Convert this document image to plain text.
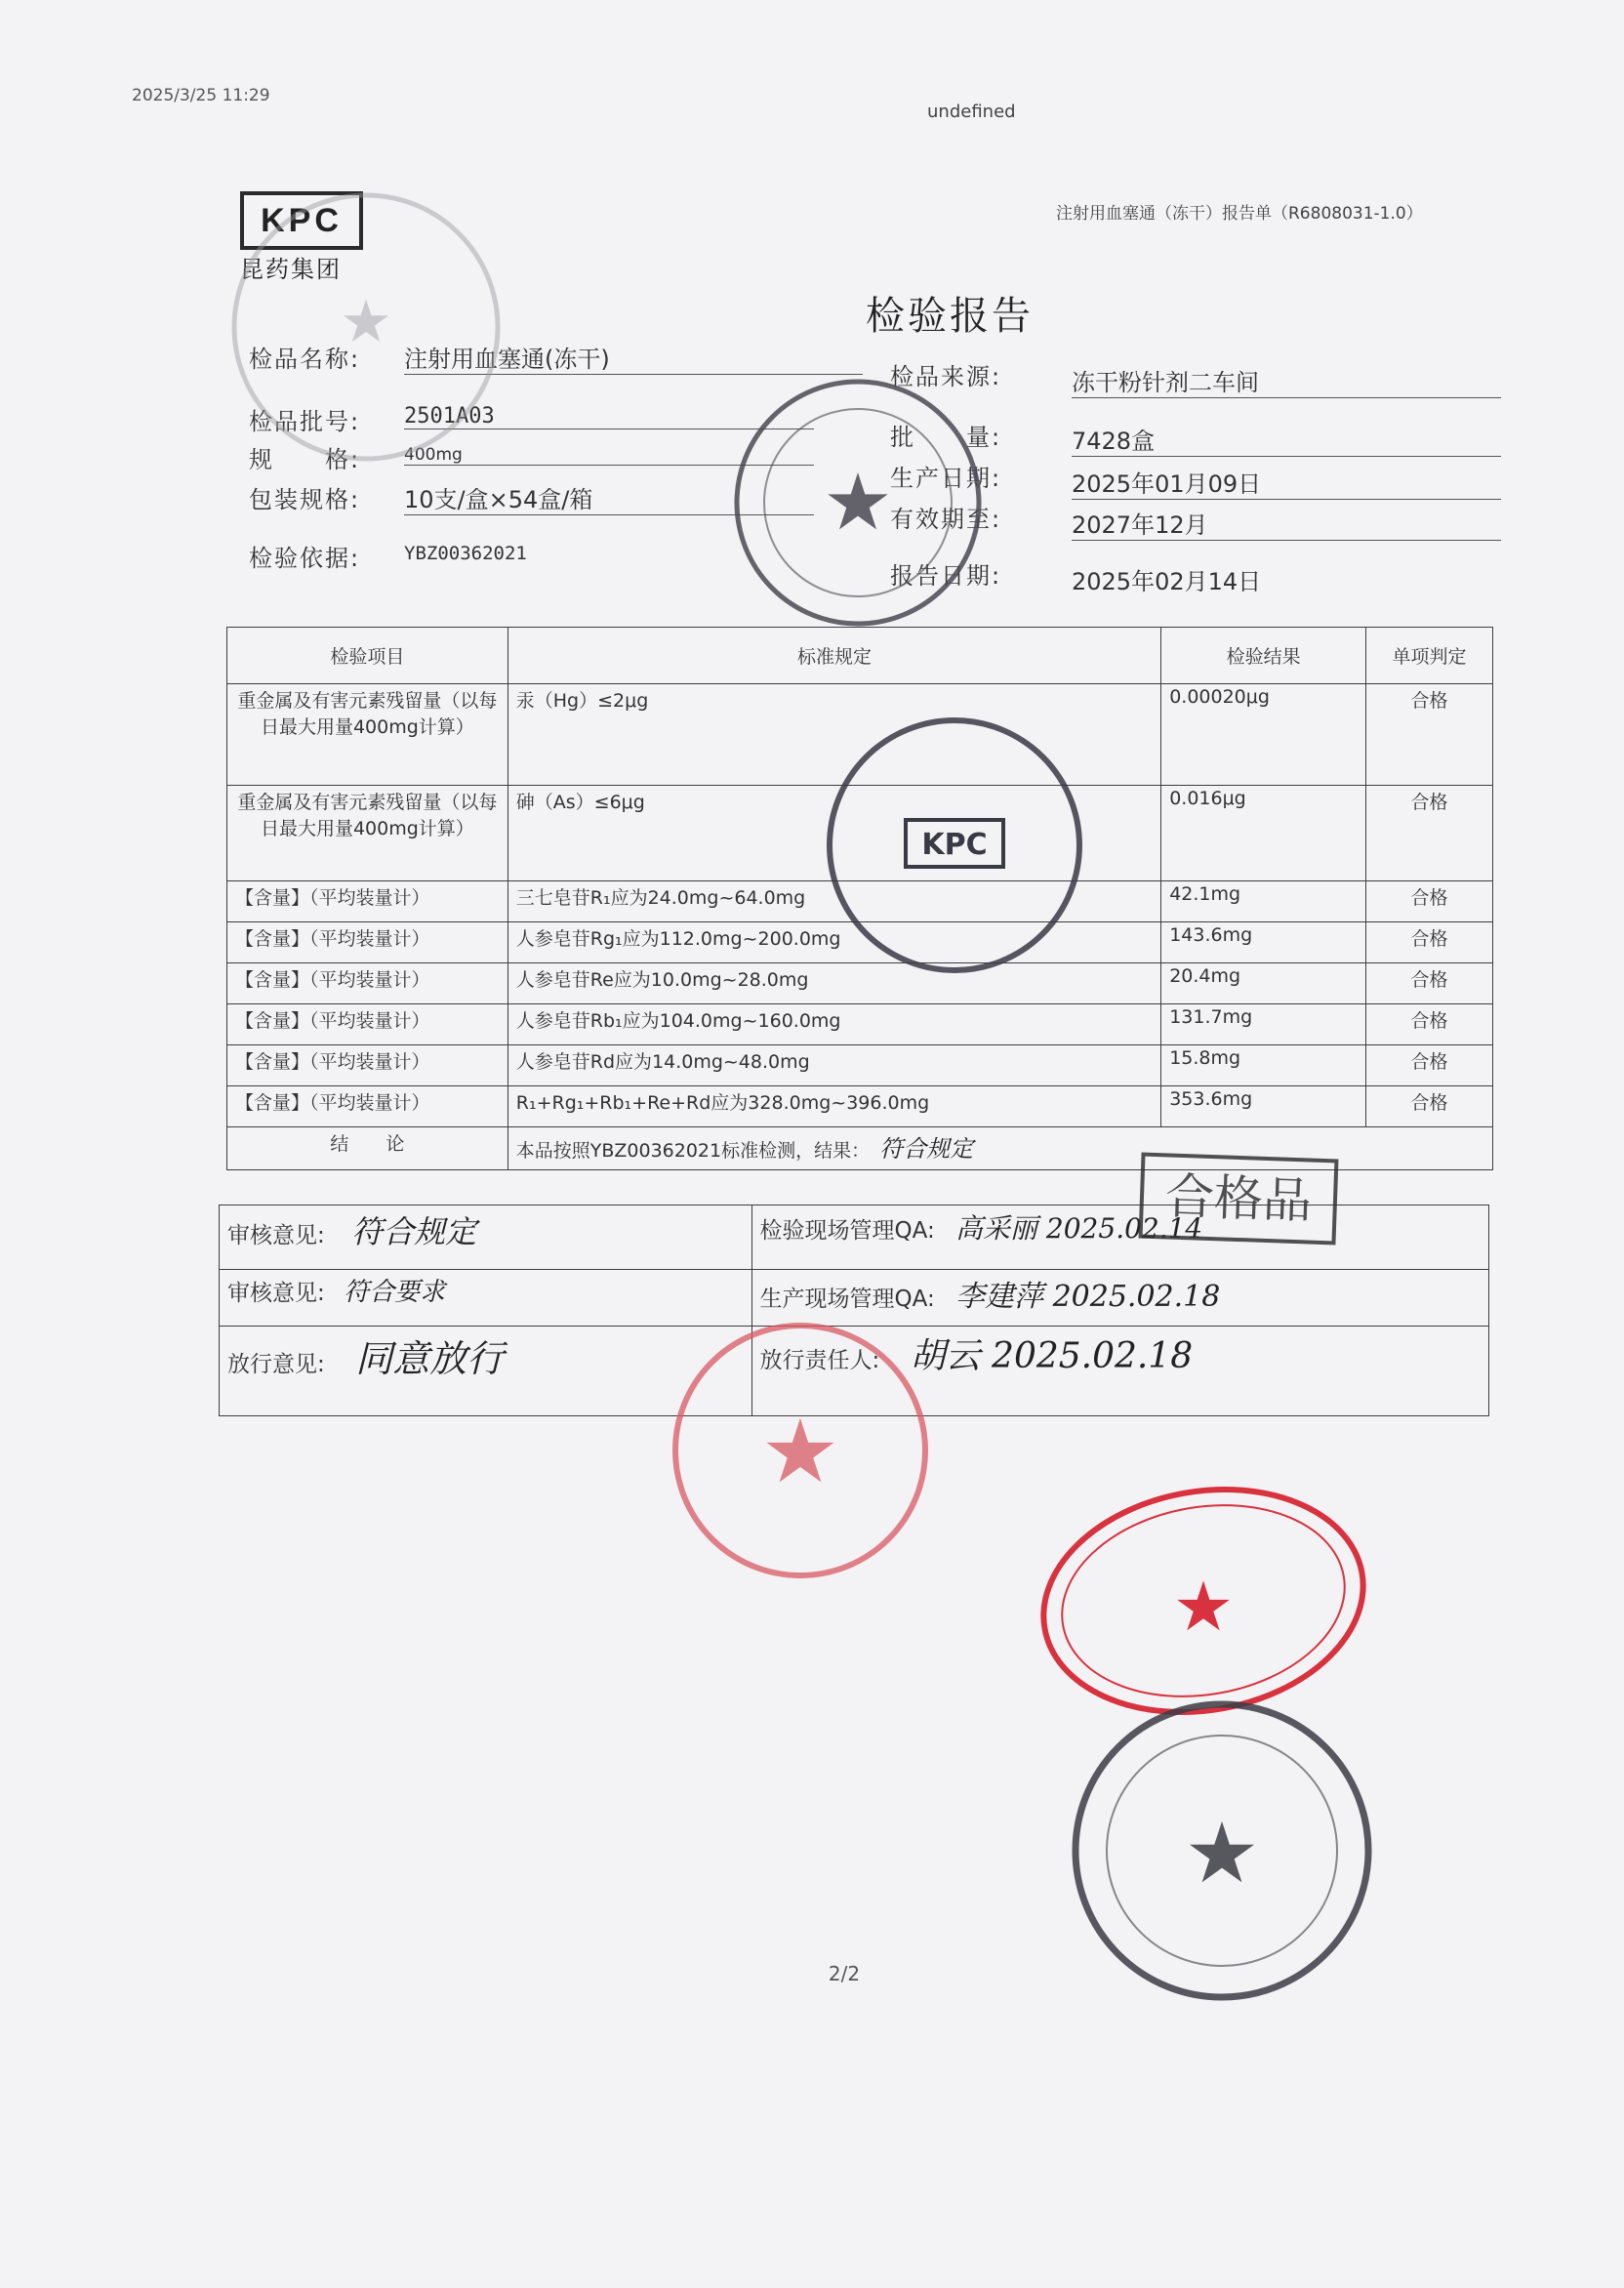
2025/3/25 11:29
undefined
注射用血塞通（冻干）报告单（R6808031-1.0）
KPC
昆药集团
检验报告
检品名称: 注射用血塞通(冻干)
检品批号: 2501A03
规　　格:	400mg
包装规格: 10支/盒×54盒/箱
检验依据: YBZ00362021
检品来源:	冻干粉针剂二车间
批　　量:	7428盒
生产日期:	2025年01月09日
有效期至:	2027年12月
报告日期:	2025年02月14日
检验项目	标准规定	检验结果	单项判定
重金属及有害元素残留量（以每日最大用量400mg计算）	汞（Hg）≤2μg	0.00020μg	合格
重金属及有害元素残留量（以每日最大用量400mg计算）	砷（As）≤6μg	0.016μg	合格
【含量】（平均装量计）	三七皂苷R₁应为24.0mg~64.0mg	42.1mg	合格
【含量】（平均装量计）	人参皂苷Rg₁应为112.0mg~200.0mg	143.6mg	合格
【含量】（平均装量计）	人参皂苷Re应为10.0mg~28.0mg	20.4mg	合格
【含量】（平均装量计）	人参皂苷Rb₁应为104.0mg~160.0mg	131.7mg	合格
【含量】（平均装量计）	人参皂苷Rd应为14.0mg~48.0mg	15.8mg	合格
【含量】（平均装量计）	R₁+Rg₁+Rb₁+Re+Rd应为328.0mg~396.0mg	353.6mg	合格
结　　论	本品按照YBZ00362021标准检测，结果： 符合规定		
审核意见: 符合规定	检验现场管理QA: 高采丽 2025.02.14
审核意见: 符合要求	生产现场管理QA: 李建萍 2025.02.18
放行意见: 同意放行	放行责任人: 胡云 2025.02.18
合格品
★
★
KPC
★
★
★
2/2
